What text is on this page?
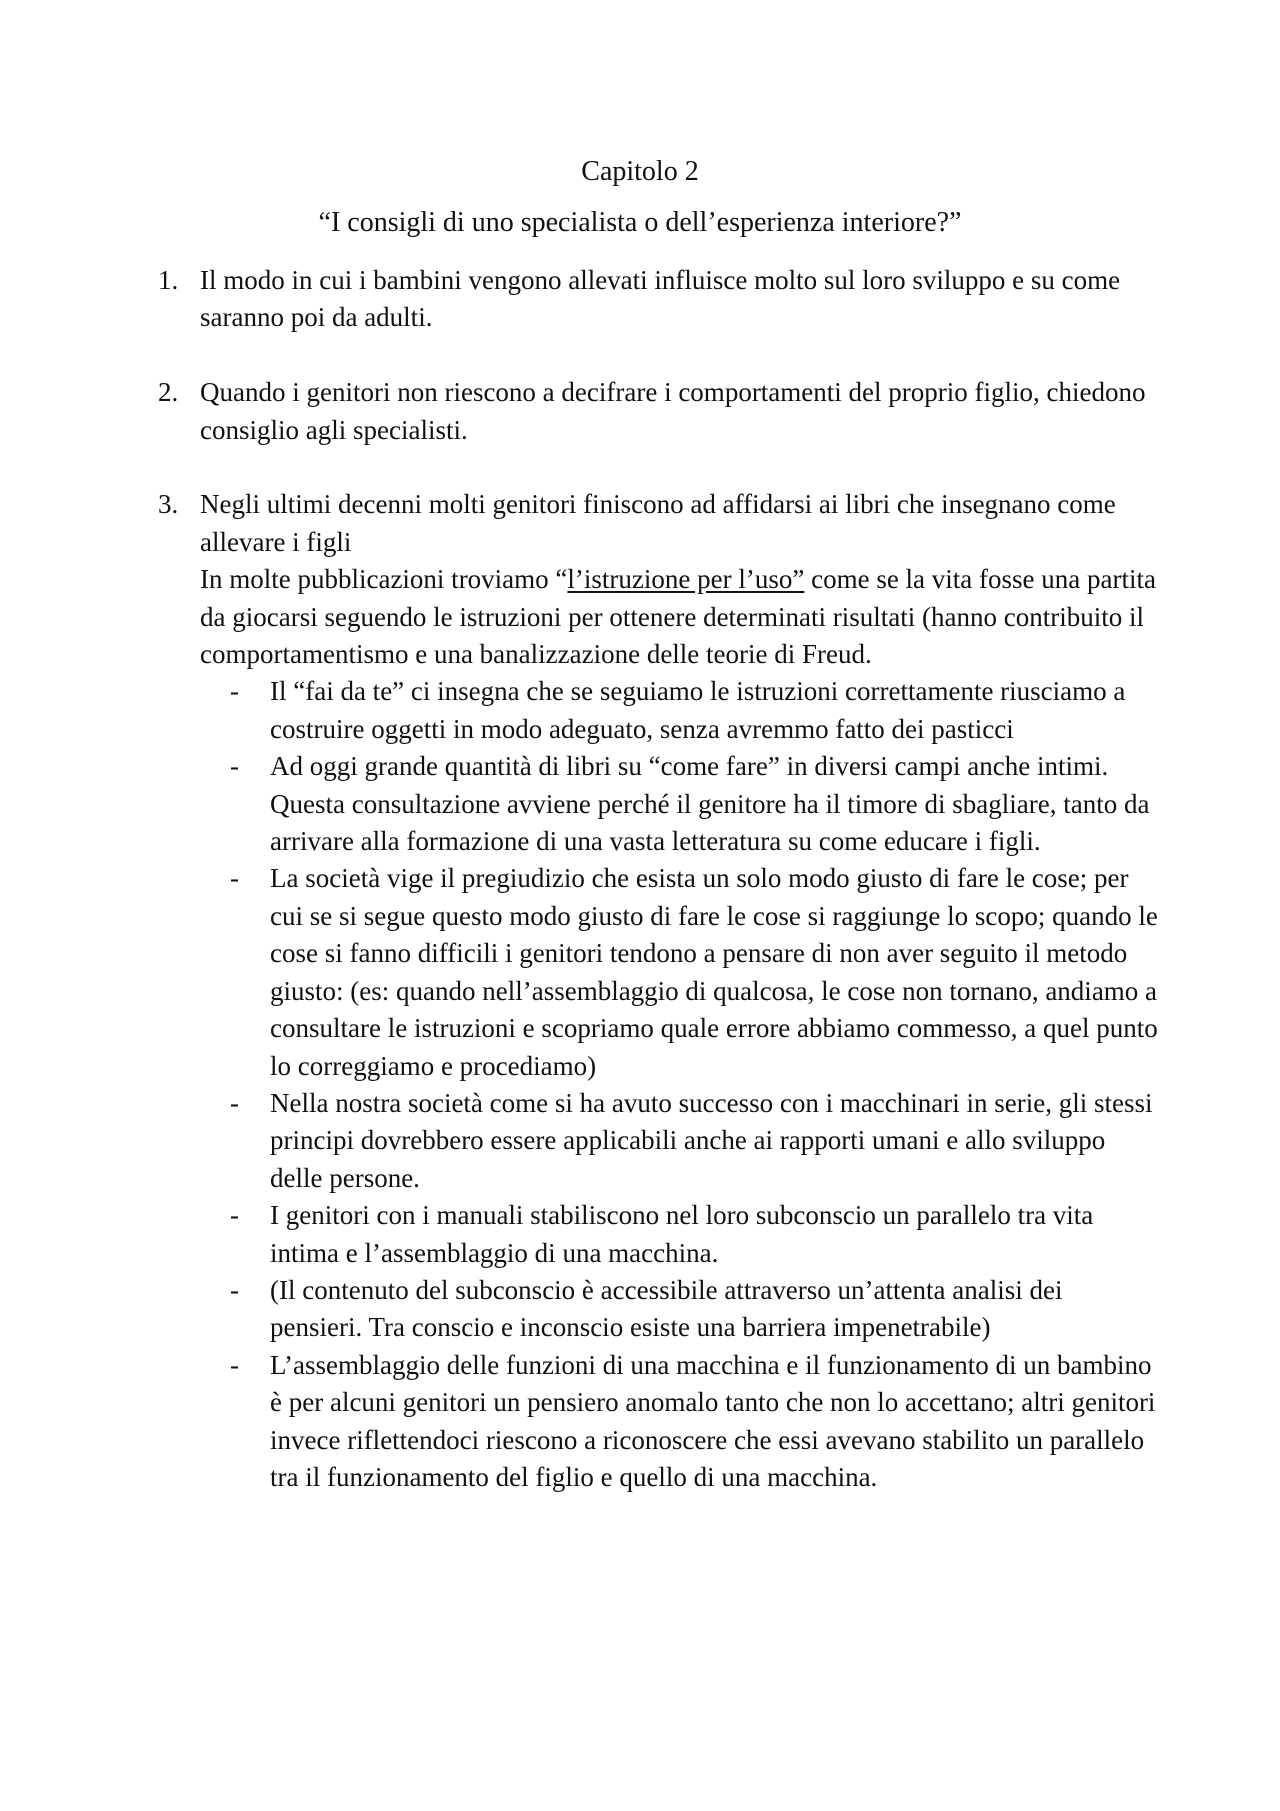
Capitolo 2
“I consigli di uno specialista o dell’esperienza interiore?”
1. Il modo in cui i bambini vengono allevati influisce molto sul loro sviluppo e su come saranno poi da adulti.

2. Quando i genitori non riescono a decifrare i comportamenti del proprio figlio, chiedono consiglio agli specialisti.

3. Negli ultimi decenni molti genitori finiscono ad affidarsi ai libri che insegnano come allevare i figli

In molte pubblicazioni troviamo “l’istruzione per l’uso” come se la vita fosse una partita da giocarsi seguendo le istruzioni per ottenere determinati risultati (hanno contribuito il comportamentismo e una banalizzazione delle teorie di Freud.

- Il “fai da te” ci insegna che se seguiamo le istruzioni correttamente riusciamo a costruire oggetti in modo adeguato, senza avremmo fatto dei pasticci
- Ad oggi grande quantità di libri su “come fare” in diversi campi anche intimi. Questa consultazione avviene perché il genitore ha il timore di sbagliare, tanto da arrivare alla formazione di una vasta letteratura su come educare i figli.
- La società vige il pregiudizio che esista un solo modo giusto di fare le cose; per cui se si segue questo modo giusto di fare le cose si raggiunge lo scopo; quando le cose si fanno difficili i genitori tendono a pensare di non aver seguito il metodo giusto: (es: quando nell’assemblaggio di qualcosa, le cose non tornano, andiamo a consultare le istruzioni e scopriamo quale errore abbiamo commesso, a quel punto lo correggiamo e procediamo)
- Nella nostra società come si ha avuto successo con i macchinari in serie, gli stessi principi dovrebbero essere applicabili anche ai rapporti umani e allo sviluppo delle persone.
- I genitori con i manuali stabiliscono nel loro subconscio un parallelo tra vita intima e l’assemblaggio di una macchina.
- (Il contenuto del subconscio è accessibile attraverso un’attenta analisi dei pensieri. Tra conscio e inconscio esiste una barriera impenetrabile)
- L’assemblaggio delle funzioni di una macchina e il funzionamento di un bambino è per alcuni genitori un pensiero anomalo tanto che non lo accettano; altri genitori invece riflettendoci riescono a riconoscere che essi avevano stabilito un parallelo tra il funzionamento del figlio e quello di una macchina.
